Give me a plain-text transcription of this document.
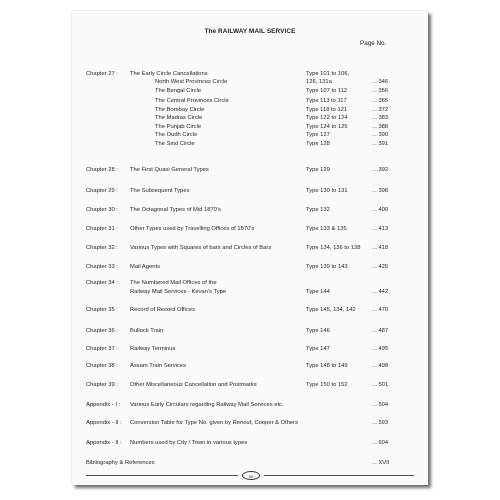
The RAILWAY MAIL SERVICE
Page No.
Chapter 27 : The Early Circle Cancellations	Type 101 to 106,
North West Provinces Circle	126, 131a	... 346
The Bengal Circle	Type 107 to 112	... 356
The Central Provinces Circle	Type 113 to 117	... 365
The Bombay Circle	Type 118 to 121	... 372
The Madras Circle	Type 122 to 124	... 383
The Punjab Circle	Type 124 to 125	... 388
The Oudh Circle	Type 127	... 390
The Sind Circle	Type 128	... 391
Chapter 28 : The First Quasi General Types	Type 129	... 392
Chapter 29 : The Subsequent Types	Type 130 to 131	... 398
Chapter 30 : The Octagonal Types of Mid 1870's	Type 132	... 400
Chapter 31 : Other Types used by Travelling Offices of 1870's	Type 133 & 135	... 413
Chapter 32 : Various Types with Squares of bars and Circles of Bars	Type 134, 136 to 138 ... 418
Chapter 33 : Mail Agents	Type 139 to 143	... 425
Chapter 34 : The Numbered Mail Offices of the
Railway Mail Services - Kevan's Type	Type 144	... 442
Chapter 35 : Record of Record Offices	Type 145, 134, 142	... 470
Chapter 36 : Bullock Train	Type 146	... 487
Chapter 37 : Railway Terminus	Type 147	... 495
Chapter 38 : Assam Train Services	Type 148 to 149	... 498
Chapter 39 : Other Miscellaneous Cancellation and Postmarks	Type 150 to 152	... 501
Appendix - I : Various Early Circulars regarding Railway Mail Services etc.	... 504
Appendix - II : Conversion Table for Type No. given by Renouf, Cooper & Others	... 593
Appendix - II : Numbers used by City / Town in various types	... 604
Bibliography & References	... XVII
xv
